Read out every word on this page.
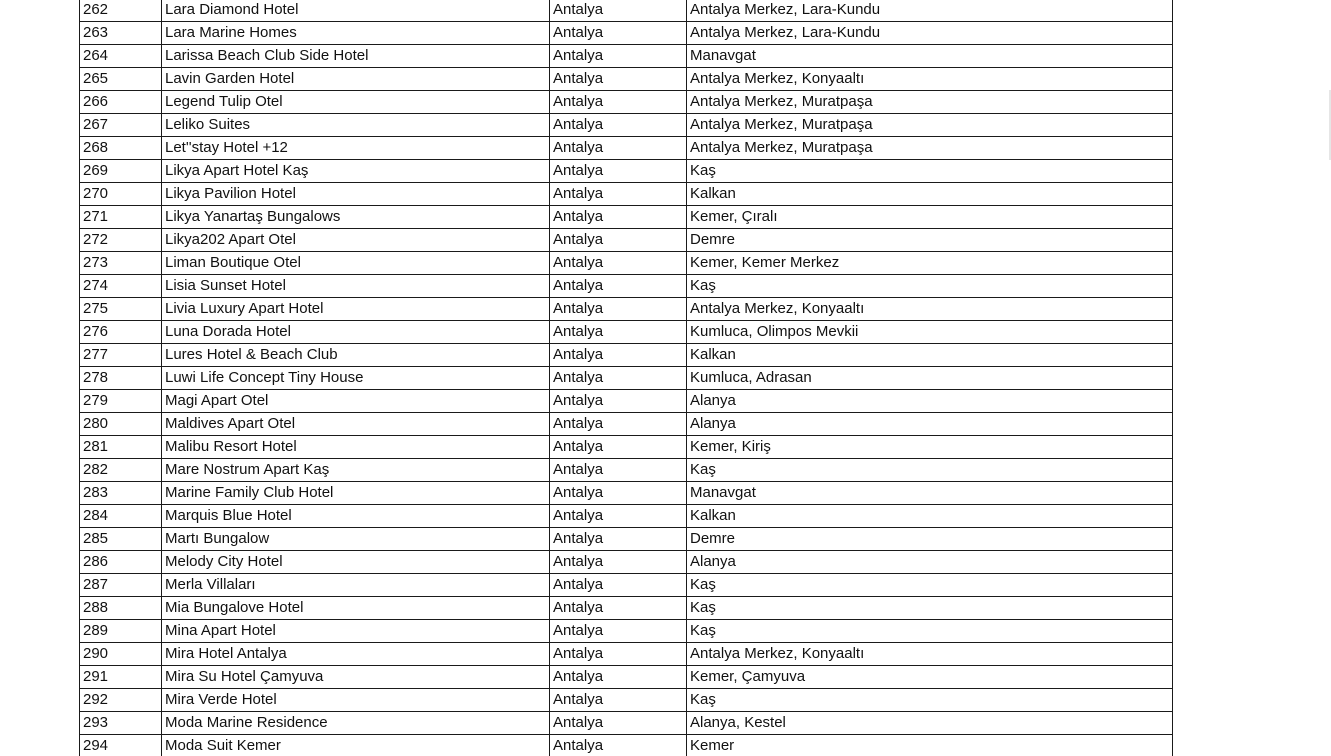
262	Lara Diamond Hotel	Antalya	Antalya Merkez, Lara-Kundu
263	Lara Marine Homes	Antalya	Antalya Merkez, Lara-Kundu
264	Larissa Beach Club Side Hotel	Antalya	Manavgat
265	Lavin Garden Hotel	Antalya	Antalya Merkez, Konyaaltı
266	Legend Tulip Otel	Antalya	Antalya Merkez, Muratpaşa
267	Leliko Suites	Antalya	Antalya Merkez, Muratpaşa
268	Let''stay Hotel +12	Antalya	Antalya Merkez, Muratpaşa
269	Likya Apart Hotel Kaş	Antalya	Kaş
270	Likya Pavilion Hotel	Antalya	Kalkan
271	Likya Yanartaş Bungalows	Antalya	Kemer, Çıralı
272	Likya202 Apart Otel	Antalya	Demre
273	Liman Boutique Otel	Antalya	Kemer, Kemer Merkez
274	Lisia Sunset Hotel	Antalya	Kaş
275	Livia Luxury Apart Hotel	Antalya	Antalya Merkez, Konyaaltı
276	Luna Dorada Hotel	Antalya	Kumluca, Olimpos Mevkii
277	Lures Hotel & Beach Club	Antalya	Kalkan
278	Luwi Life Concept Tiny House	Antalya	Kumluca, Adrasan
279	Magi Apart Otel	Antalya	Alanya
280	Maldives Apart Otel	Antalya	Alanya
281	Malibu Resort Hotel	Antalya	Kemer, Kiriş
282	Mare Nostrum Apart Kaş	Antalya	Kaş
283	Marine Family Club Hotel	Antalya	Manavgat
284	Marquis Blue Hotel	Antalya	Kalkan
285	Martı Bungalow	Antalya	Demre
286	Melody City Hotel	Antalya	Alanya
287	Merla Villaları	Antalya	Kaş
288	Mia Bungalove Hotel	Antalya	Kaş
289	Mina Apart Hotel	Antalya	Kaş
290	Mira Hotel Antalya	Antalya	Antalya Merkez, Konyaaltı
291	Mira Su Hotel Çamyuva	Antalya	Kemer, Çamyuva
292	Mira Verde Hotel	Antalya	Kaş
293	Moda Marine Residence	Antalya	Alanya, Kestel
294	Moda Suit Kemer	Antalya	Kemer
